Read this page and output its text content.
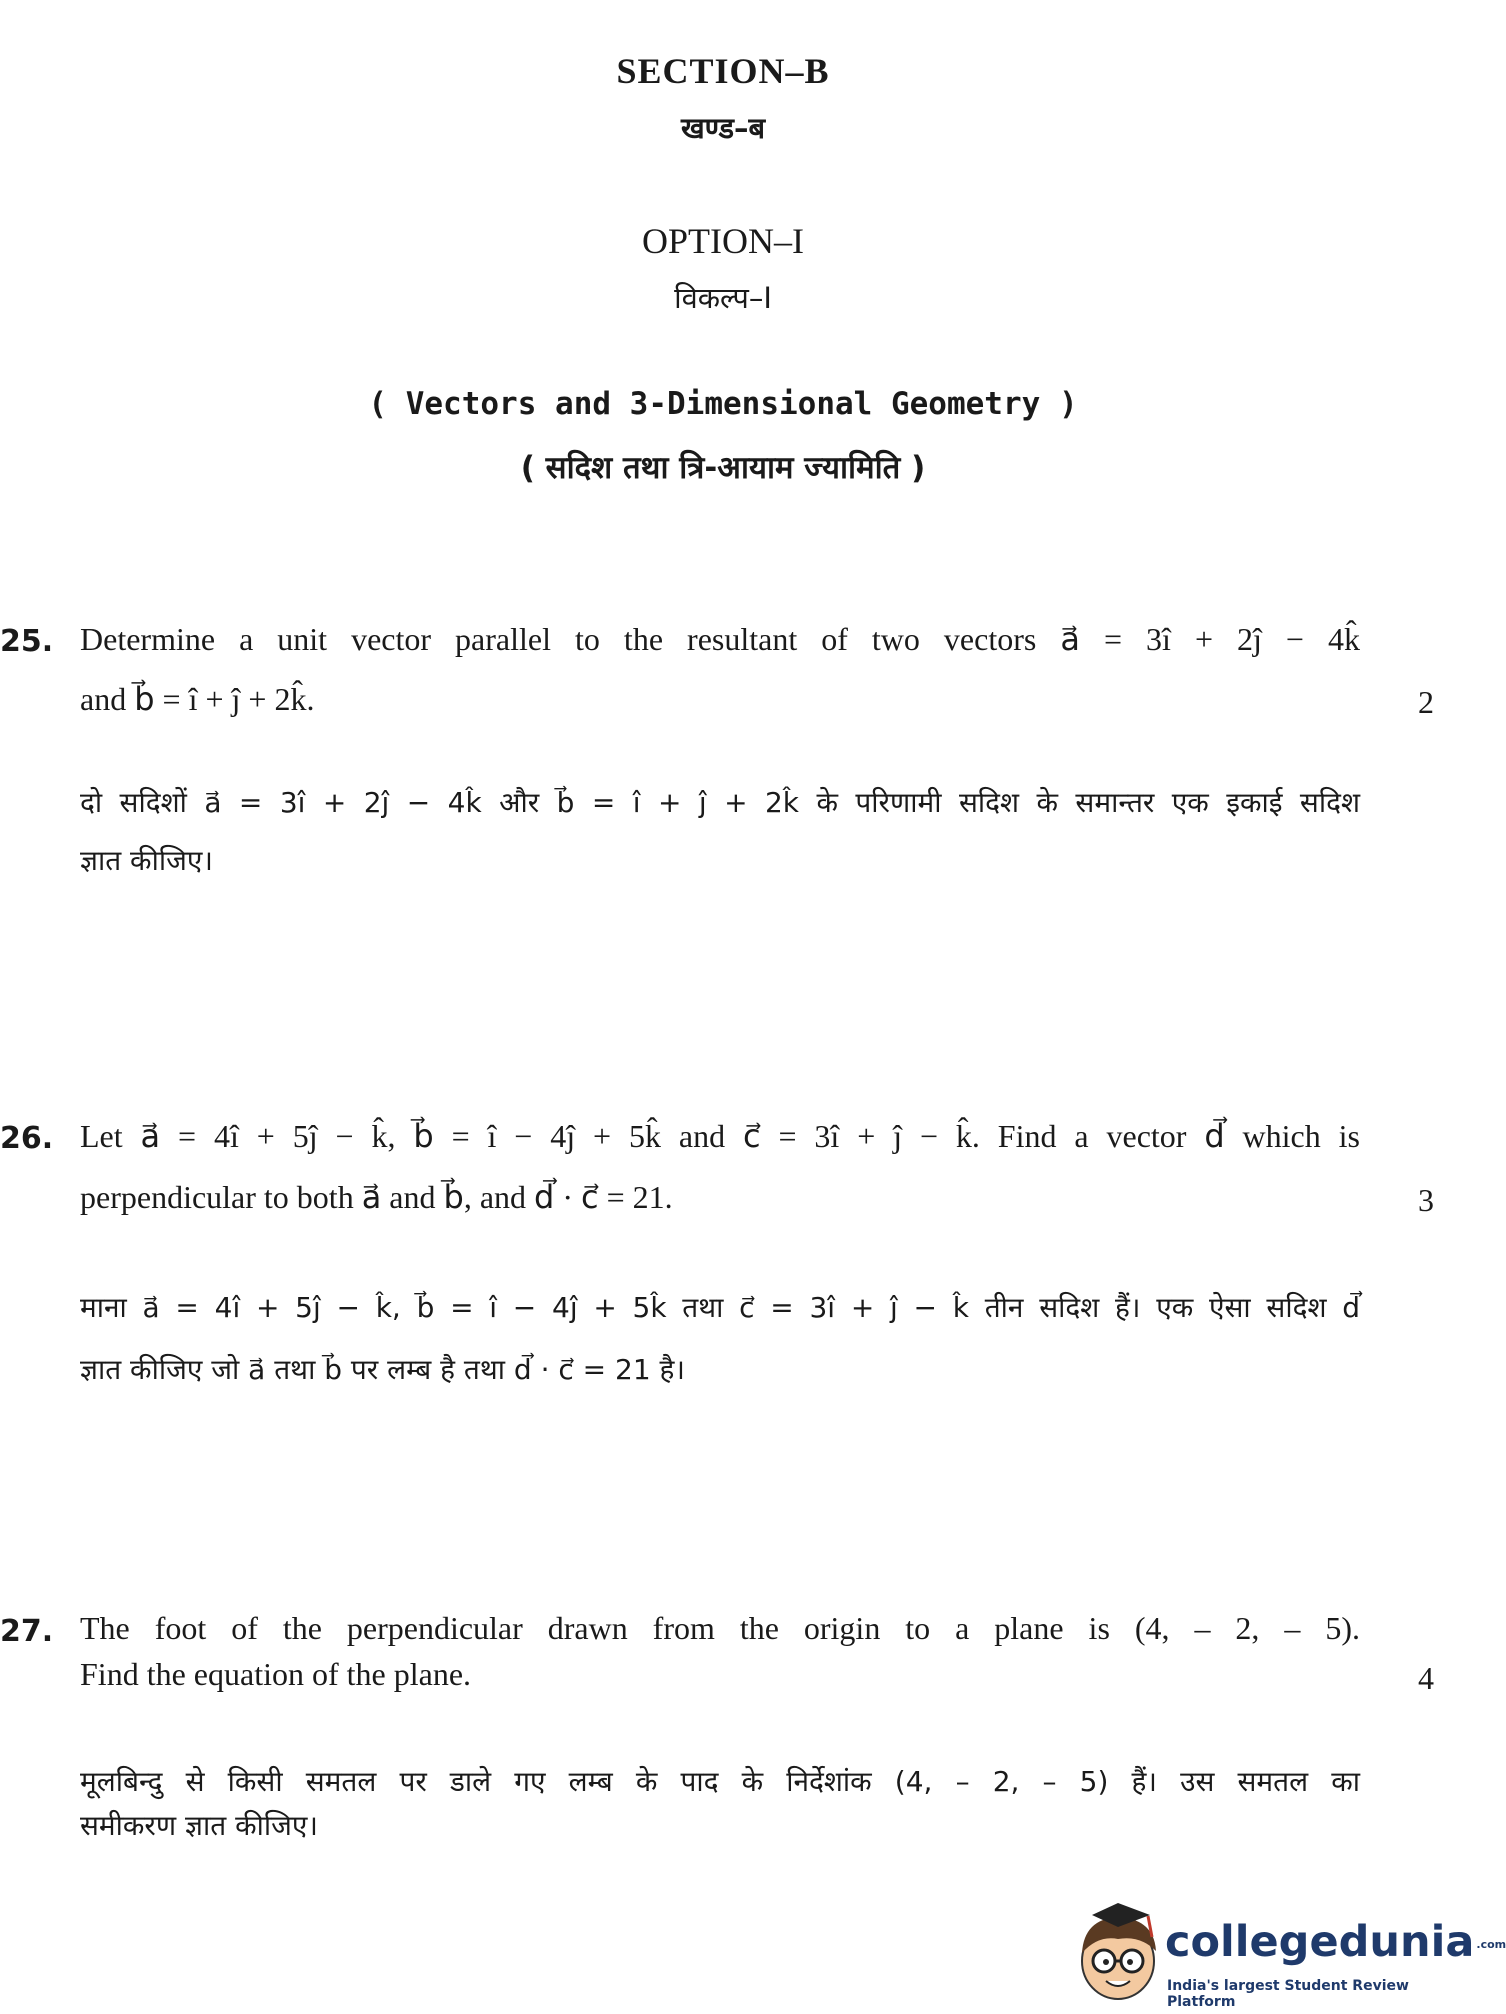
SECTION–B
खण्ड–ब
OPTION–I
विकल्प–I
( Vectors and 3-Dimensional Geometry )
( सदिश तथा त्रि-आयाम ज्यामिति )
25. Determine a unit vector parallel to the resultant of two vectors a⃗ = 3î + 2ĵ − 4k̂
and b⃗ = î + ĵ + 2k̂.	2
दो सदिशों a⃗ = 3î + 2ĵ − 4k̂ और b⃗ = î + ĵ + 2k̂ के परिणामी सदिश के समान्तर एक इकाई सदिश
ज्ञात कीजिए।
26. Let a⃗ = 4î + 5ĵ − k̂, b⃗ = î − 4ĵ + 5k̂ and c⃗ = 3î + ĵ − k̂. Find a vector d⃗ which is
perpendicular to both a⃗ and b⃗, and d⃗ · c⃗ = 21.	3
माना a⃗ = 4î + 5ĵ − k̂, b⃗ = î − 4ĵ + 5k̂ तथा c⃗ = 3î + ĵ − k̂ तीन सदिश हैं। एक ऐसा सदिश d⃗
ज्ञात कीजिए जो a⃗ तथा b⃗ पर लम्ब है तथा d⃗ · c⃗ = 21 है।
27. The foot of the perpendicular drawn from the origin to a plane is (4, – 2, – 5).
Find the equation of the plane.	4
मूलबिन्दु से किसी समतल पर डाले गए लम्ब के पाद के निर्देशांक (4, – 2, – 5) हैं। उस समतल का
समीकरण ज्ञात कीजिए।
collegedunia .com
India's largest Student Review Platform
